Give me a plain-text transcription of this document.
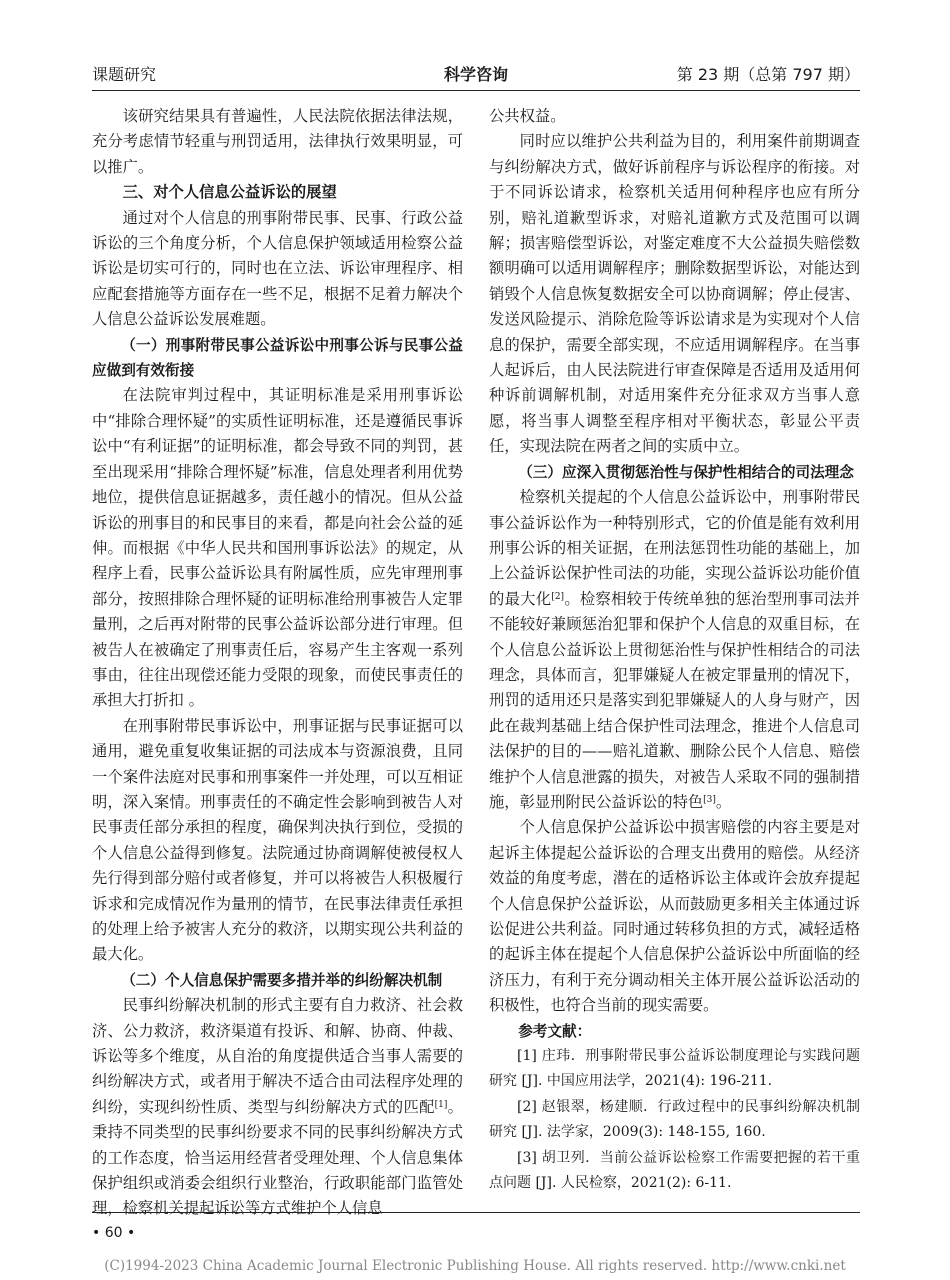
科学咨询
课题研究	第 23 期（总第 797 期）

该研究结果具有普遍性，人民法院依据法律法规，充分考虑情节轻重与刑罚适用，法律执行效果明显，可以推广。

三、对个人信息公益诉讼的展望

通过对个人信息的刑事附带民事、民事、行政公益诉讼的三个角度分析，个人信息保护领域适用检察公益诉讼是切实可行的，同时也在立法、诉讼审理程序、相应配套措施等方面存在一些不足，根据不足着力解决个人信息公益诉讼发展难题。

（一）刑事附带民事公益诉讼中刑事公诉与民事公益应做到有效衔接

在法院审判过程中，其证明标准是采用刑事诉讼中“排除合理怀疑”的实质性证明标准，还是遵循民事诉讼中“有利证据”的证明标准，都会导致不同的判罚，甚至出现采用“排除合理怀疑”标准，信息处理者利用优势地位，提供信息证据越多，责任越小的情况。但从公益诉讼的刑事目的和民事目的来看，都是向社会公益的延伸。而根据《中华人民共和国刑事诉讼法》的规定，从程序上看，民事公益诉讼具有附属性质，应先审理刑事部分，按照排除合理怀疑的证明标准给刑事被告人定罪量刑，之后再对附带的民事公益诉讼部分进行审理。但被告人在被确定了刑事责任后，容易产生主客观一系列事由，往往出现偿还能力受限的现象，而使民事责任的承担大打折扣 。

在刑事附带民事诉讼中，刑事证据与民事证据可以通用，避免重复收集证据的司法成本与资源浪费，且同一个案件法庭对民事和刑事案件一并处理，可以互相证明，深入案情。刑事责任的不确定性会影响到被告人对民事责任部分承担的程度，确保判决执行到位，受损的个人信息公益得到修复。法院通过协商调解使被侵权人先行得到部分赔付或者修复，并可以将被告人积极履行诉求和完成情况作为量刑的情节，在民事法律责任承担的处理上给予被害人充分的救济，以期实现公共利益的最大化。

（二）个人信息保护需要多措并举的纠纷解决机制

民事纠纷解决机制的形式主要有自力救济、社会救济、公力救济，救济渠道有投诉、和解、协商、仲裁、诉讼等多个维度，从自治的角度提供适合当事人需要的纠纷解决方式，或者用于解决不适合由司法程序处理的纠纷，实现纠纷性质、类型与纠纷解决方式的匹配[1]。秉持不同类型的民事纠纷要求不同的民事纠纷解决方式的工作态度，恰当运用经营者受理处理、个人信息集体保护组织或消委会组织行业整治，行政职能部门监管处理，检察机关提起诉讼等方式维护个人信息

公共权益。

同时应以维护公共利益为目的，利用案件前期调查与纠纷解决方式，做好诉前程序与诉讼程序的衔接。对于不同诉讼请求，检察机关适用何种程序也应有所分别，赔礼道歉型诉求，对赔礼道歉方式及范围可以调解；损害赔偿型诉讼，对鉴定难度不大公益损失赔偿数额明确可以适用调解程序；删除数据型诉讼，对能达到销毁个人信息恢复数据安全可以协商调解；停止侵害、发送风险提示、消除危险等诉讼请求是为实现对个人信息的保护，需要全部实现，不应适用调解程序。在当事人起诉后，由人民法院进行审查保障是否适用及适用何种诉前调解机制，对适用案件充分征求双方当事人意愿，将当事人调整至程序相对平衡状态，彰显公平责任，实现法院在两者之间的实质中立。

（三）应深入贯彻惩治性与保护性相结合的司法理念

检察机关提起的个人信息公益诉讼中，刑事附带民事公益诉讼作为一种特别形式，它的价值是能有效利用刑事公诉的相关证据，在刑法惩罚性功能的基础上，加上公益诉讼保护性司法的功能，实现公益诉讼功能价值的最大化[2]。检察相较于传统单独的惩治型刑事司法并不能较好兼顾惩治犯罪和保护个人信息的双重目标，在个人信息公益诉讼上贯彻惩治性与保护性相结合的司法理念，具体而言，犯罪嫌疑人在被定罪量刑的情况下，刑罚的适用还只是落实到犯罪嫌疑人的人身与财产，因此在裁判基础上结合保护性司法理念，推进个人信息司法保护的目的——赔礼道歉、删除公民个人信息、赔偿维护个人信息泄露的损失，对被告人采取不同的强制措施，彰显刑附民公益诉讼的特色[3]。

个人信息保护公益诉讼中损害赔偿的内容主要是对起诉主体提起公益诉讼的合理支出费用的赔偿。从经济效益的角度考虑，潜在的适格诉讼主体或许会放弃提起个人信息保护公益诉讼，从而鼓励更多相关主体通过诉讼促进公共利益。同时通过转移负担的方式，减轻适格的起诉主体在提起个人信息保护公益诉讼中所面临的经济压力，有利于充分调动相关主体开展公益诉讼活动的积极性，也符合当前的现实需要。

参考文献：

[1] 庄玮．刑事附带民事公益诉讼制度理论与实践问题研究 [J]. 中国应用法学，2021(4): 196-211.

[2] 赵银翠，杨建顺．行政过程中的民事纠纷解决机制研究 [J]. 法学家，2009(3): 148-155, 160.

[3] 胡卫列．当前公益诉讼检察工作需要把握的若干重点问题 [J]. 人民检察，2021(2): 6-11.

• 60 •
(C)1994-2023 China Academic Journal Electronic Publishing House. All rights reserved. http://www.cnki.net
